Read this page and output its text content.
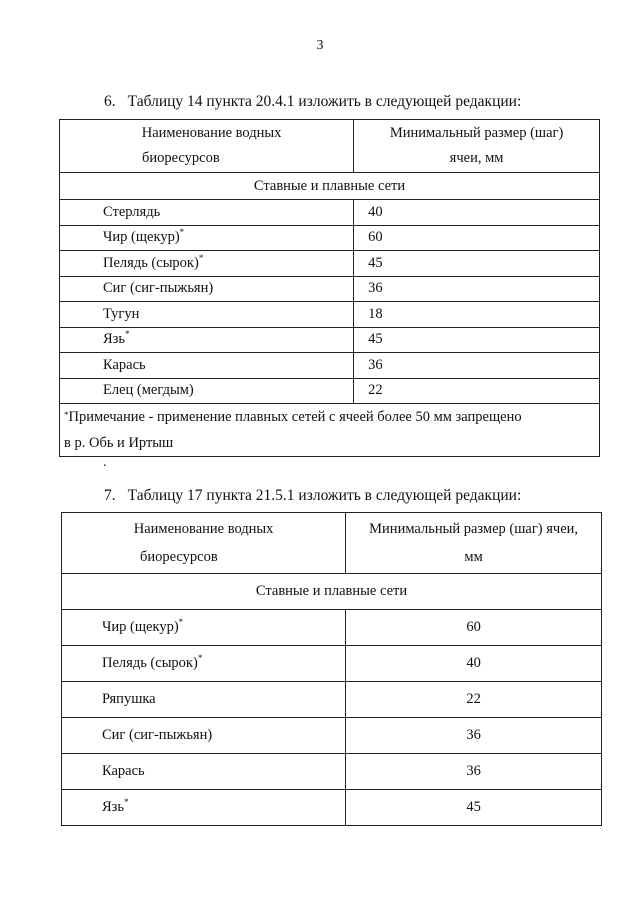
3
6. Таблицу 14 пункта 20.4.1 изложить в следующей редакции:
Наименование водных
биоресурсов	Минимальный размер (шаг)
ячеи, мм

Ставные и плавные сети	
Стерлядь	40
Чир (щекур)*	60
Пелядь (сырок)*	45
Сиг (сиг-пыжьян)	36
Тугун	18
Язь*	45
Карась	36
Елец (мегдым)	22
*Примечание - применение плавных сетей с ячеей более 50 мм запрещено
в р. Обь и Иртыш	
.
7. Таблицу 17 пункта 21.5.1 изложить в следующей редакции:
Наименование водных
биоресурсов	Минимальный размер (шаг) ячеи,
мм

Ставные и плавные сети	
Чир (щекур)*	60
Пелядь (сырок)*	40
Ряпушка	22
Сиг (сиг-пыжьян)	36
Карась	36
Язь*	45
